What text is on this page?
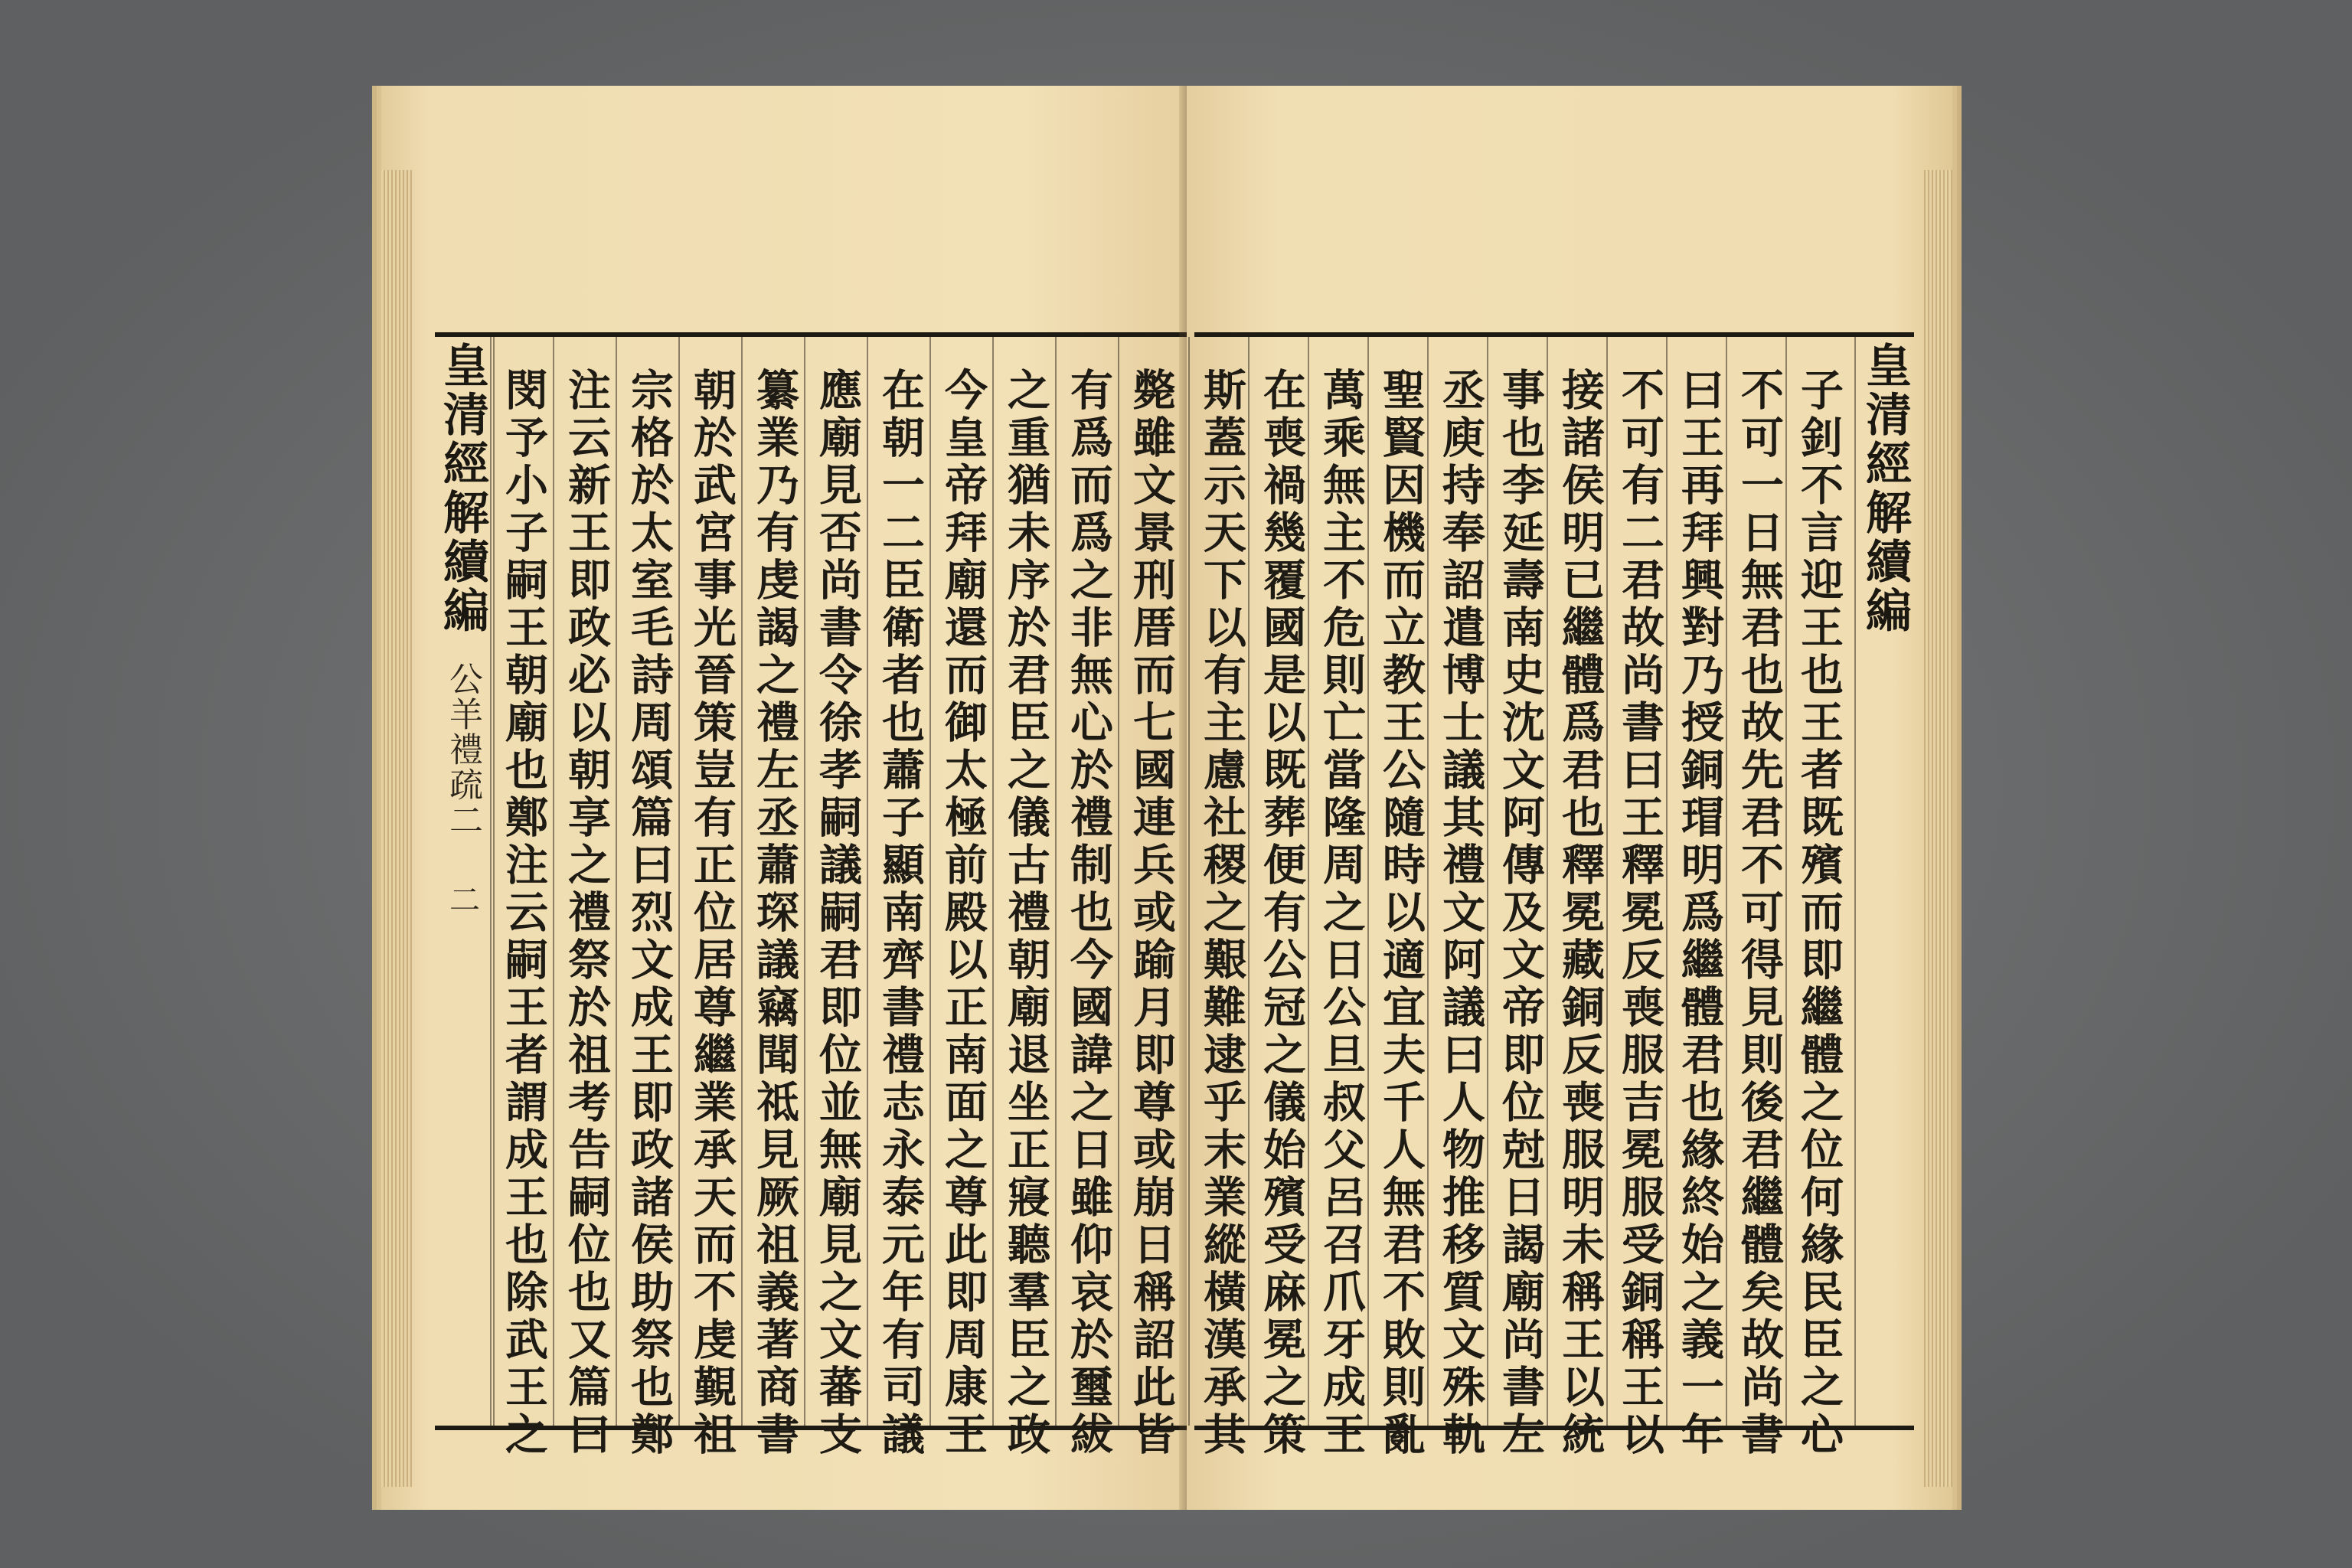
皇清經解續編
公羊禮疏二
二	斃雖文景刑厝而七國連兵或踰月即尊或崩日稱詔此皆
有爲而爲之非無心於禮制也今國諱之日雖仰哀於璽紱
之重猶未序於君臣之儀古禮朝廟退坐正寢聽羣臣之政
今皇帝拜廟還而御太極前殿以正南面之尊此即周康王
在朝一二臣衛者也蕭子顯南齊書禮志永泰元年有司議
應廟見否尚書令徐孝嗣議嗣君即位並無廟見之文蕃支
纂業乃有虔謁之禮左丞蕭琛議竊聞祗見厥祖義著商書
朝於武宮事光晉策豈有正位居尊繼業承天而不虔覲祖
宗格於太室毛詩周頌篇曰烈文成王即政諸侯助祭也鄭
注云新王即政必以朝享之禮祭於祖考告嗣位也又篇曰
閔予小子嗣王朝廟也鄭注云嗣王者謂成王也除武王之	子釗不言迎王也王者既殯而即繼體之位何緣民臣之心
不可一日無君也故先君不可得見則後君繼體矣故尚書
曰王再拜興對乃授銅瑁明爲繼體君也緣終始之義一年
不可有二君故尚書曰王釋冕反喪服吉冕服受銅稱王以
接諸侯明已繼體爲君也釋冕藏銅反喪服明未稱王以統
事也李延壽南史沈文阿傳及文帝即位尅日謁廟尚書左
丞庾持奉詔遣博士議其禮文阿議曰人物推移質文殊軌
聖賢因機而立教王公隨時以適宜夫千人無君不敗則亂
萬乘無主不危則亡當隆周之日公旦叔父呂召爪牙成王
在喪禍幾覆國是以既葬便有公冠之儀始殯受麻冕之策
斯蓋示天下以有主慮社稷之艱難逮乎末業縱橫漢承其	皇清經解續編
